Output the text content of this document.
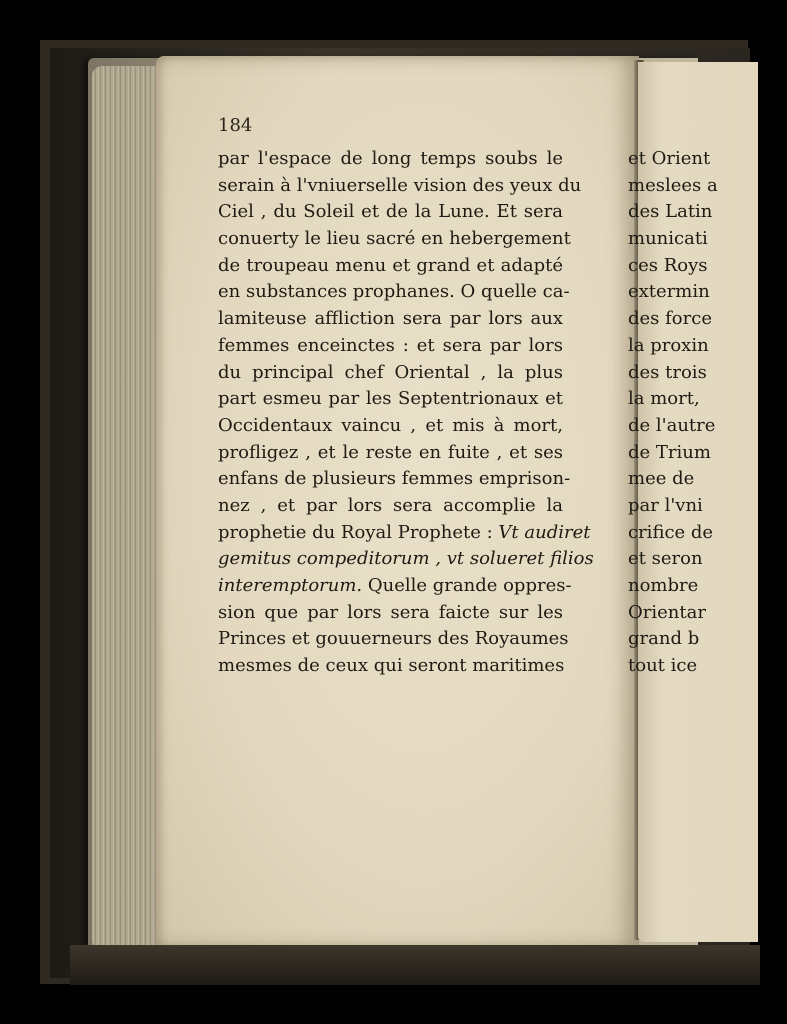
184

par l'espace de long temps soubs le
serain à l'vniuerselle vision des yeux du
Ciel , du Soleil et de la Lune. Et sera
conuerty le lieu sacré en hebergement
de troupeau menu et grand et adapté
en substances prophanes. O quelle ca-
lamiteuse affliction sera par lors aux
femmes enceinctes : et sera par lors
du principal chef Oriental , la plus
part esmeu par les Septentrionaux et
Occidentaux vaincu , et mis à mort,
profligez , et le reste en fuite , et ses
enfans de plusieurs femmes emprison-
nez , et par lors sera accomplie la
prophetie du Royal Prophete : Vt audiret
gemitus compeditorum , vt solueret filios
interemptorum. Quelle grande oppres-
sion que par lors sera faicte sur les
Princes et gouuerneurs des Royaumes
mesmes de ceux qui seront maritimes
et Orient
meslees a
des Latin
municati
ces Roys
extermin
des force
la proxin
des trois
la mort,
de l'autre
de Trium
mee de
par l'vni
crifice de
et seron
nombre
Orientar
grand b
tout ice
